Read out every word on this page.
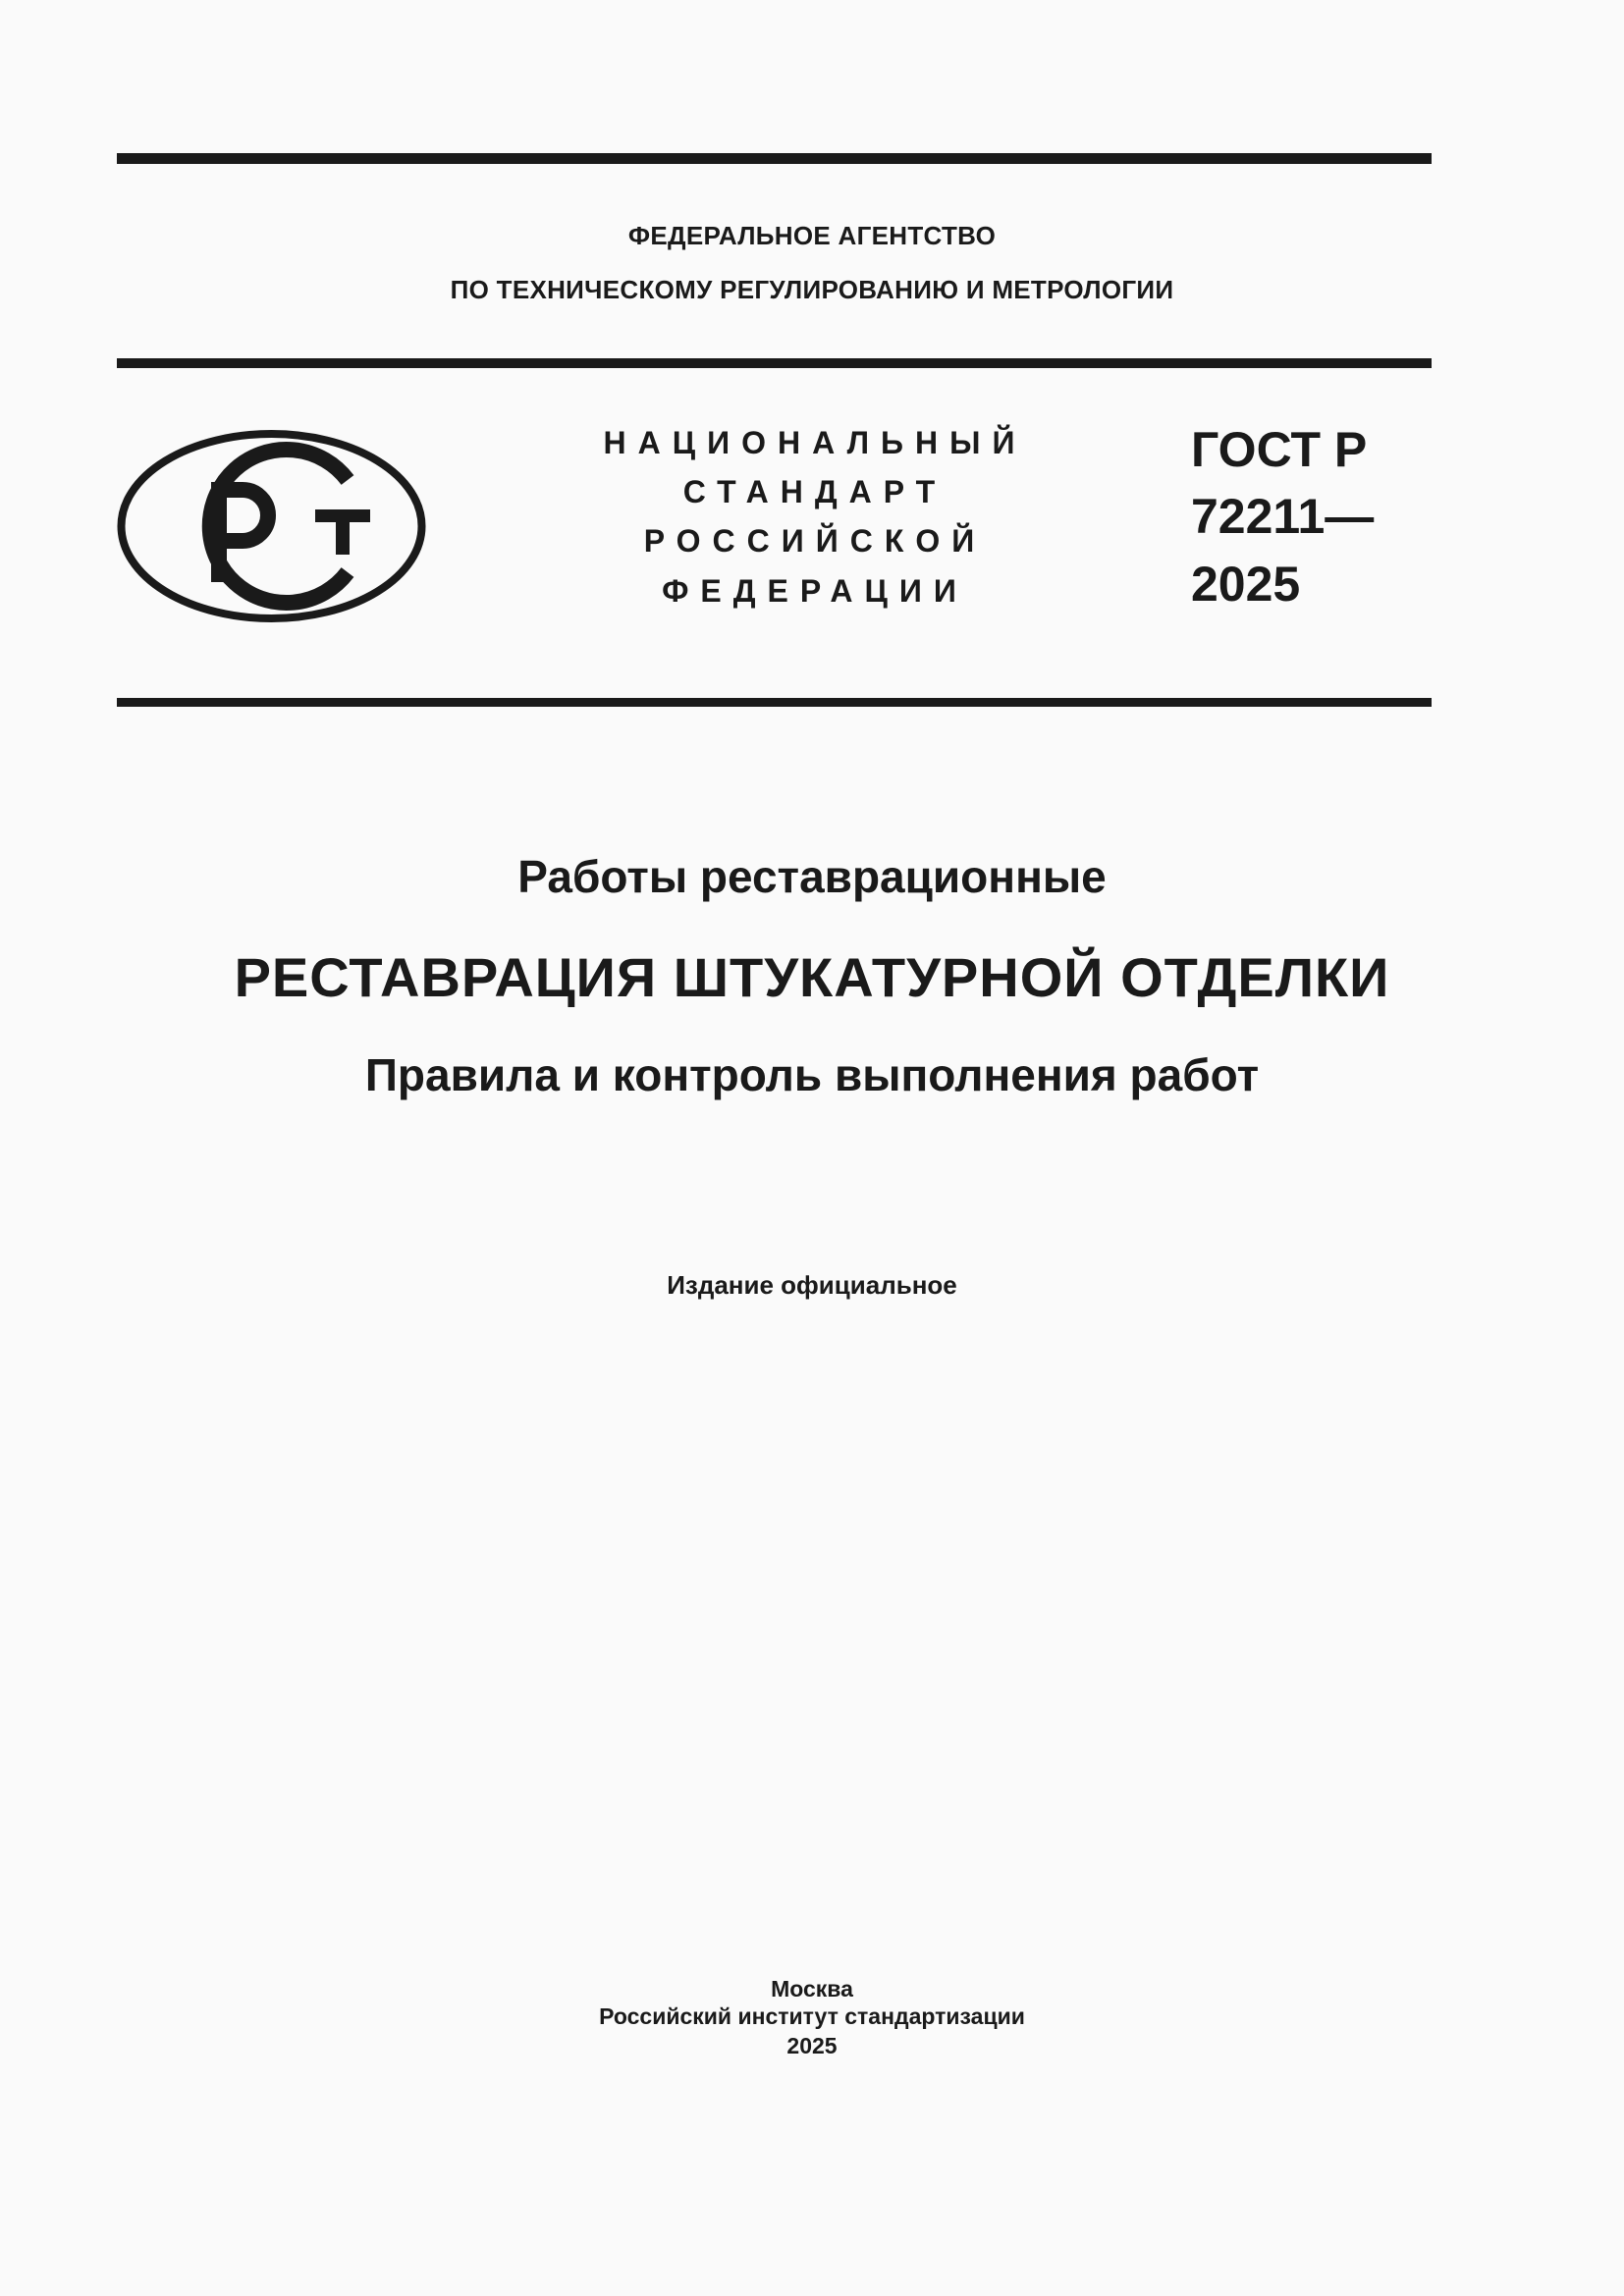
ФЕДЕРАЛЬНОЕ АГЕНТСТВО
ПО ТЕХНИЧЕСКОМУ РЕГУЛИРОВАНИЮ И МЕТРОЛОГИИ
НАЦИОНАЛЬНЫЙ
СТАНДАРТ
РОССИЙСКОЙ
ФЕДЕРАЦИИ
ГОСТ Р
72211—
2025
Работы реставрационные
РЕСТАВРАЦИЯ ШТУКАТУРНОЙ ОТДЕЛКИ
Правила и контроль выполнения работ
Издание официальное
Москва
Российский институт стандартизации
2025
